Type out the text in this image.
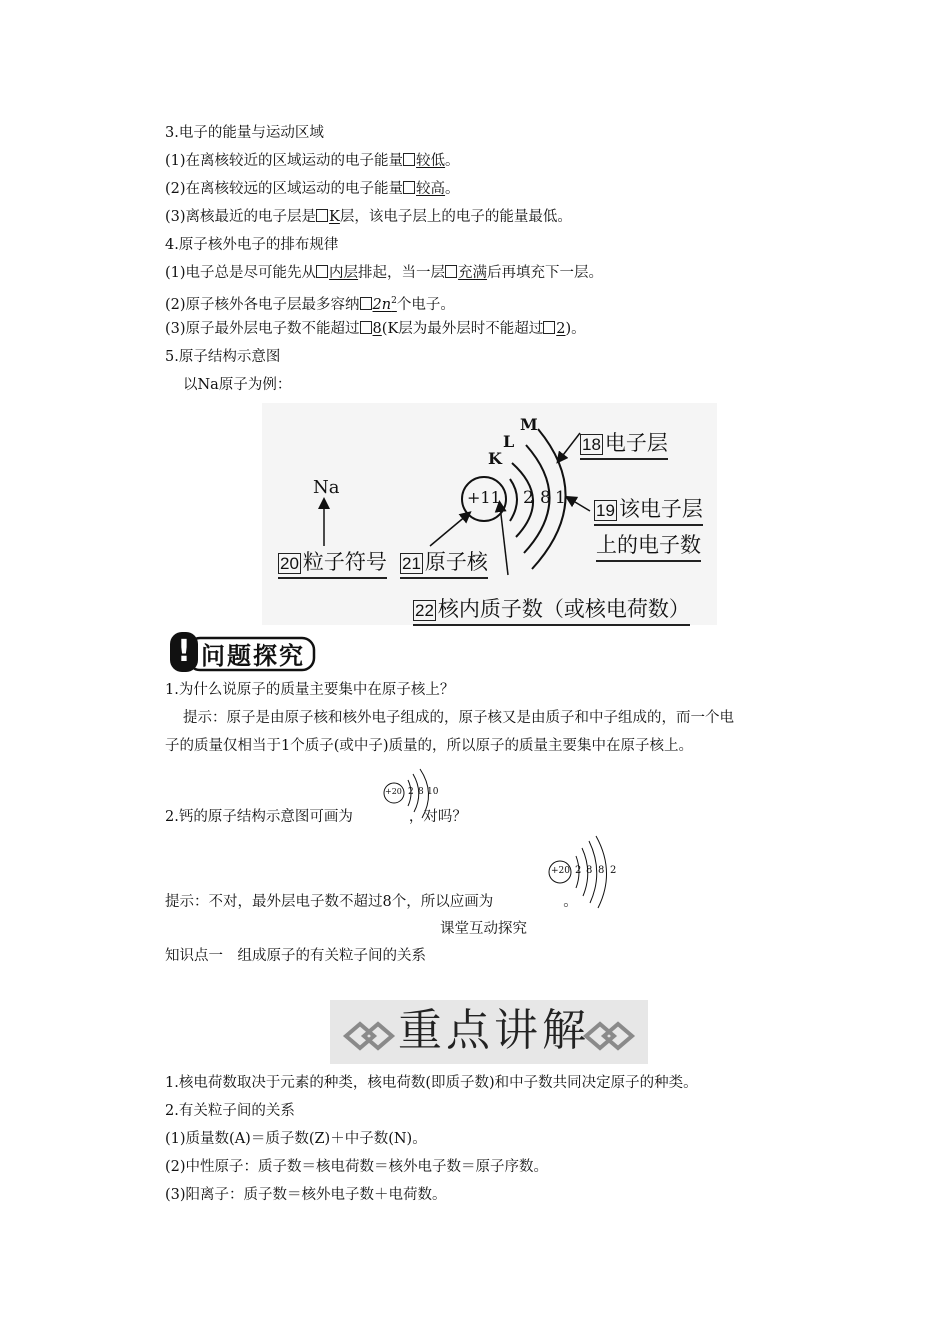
3.电子的能量与运动区域
(1)在离核较近的区域运动的电子能量 较低。
(2)在离核较远的区域运动的电子能量 较高。
(3)离核最近的电子层是 K层，该电子层上的电子的能量最低。
4.原子核外电子的排布规律
(1)电子总是尽可能先从 内层排起，当一层 充满后再填充下一层。
(2)原子核外各电子层最多容纳 $2n^2$个电子。
(3)原子最外层电子数不能超过 8(K层为最外层时不能超过 2)。
5.原子结构示意图
以Na原子为例：
Na	+11 2 8 1
K
L
M
18 电子层
19 该电子层
上的电子数
20 粒子符号 21 原子核
22 核内质子数（或核电荷数）
! 问题探究
1.为什么说原子的质量主要集中在原子核上？
提示：原子是由原子核和核外电子组成的，原子核又是由质子和中子组成的，而一个电
子的质量仅相当于1个质子(或中子)质量的，所以原子的质量主要集中在原子核上。
2.钙的原子结构示意图可画为	，对吗？
+20 2 8 10
提示：不对，最外层电子数不超过8个，所以应画为	。
+20 2 8 8 2
课堂互动探究
知识点一　组成原子的有关粒子间的关系
重点讲解
1.核电荷数取决于元素的种类，核电荷数(即质子数)和中子数共同决定原子的种类。
2.有关粒子间的关系
(1)质量数(A)＝质子数(Z)＋中子数(N)。
(2)中性原子：质子数＝核电荷数＝核外电子数＝原子序数。
(3)阳离子：质子数＝核外电子数＋电荷数。
